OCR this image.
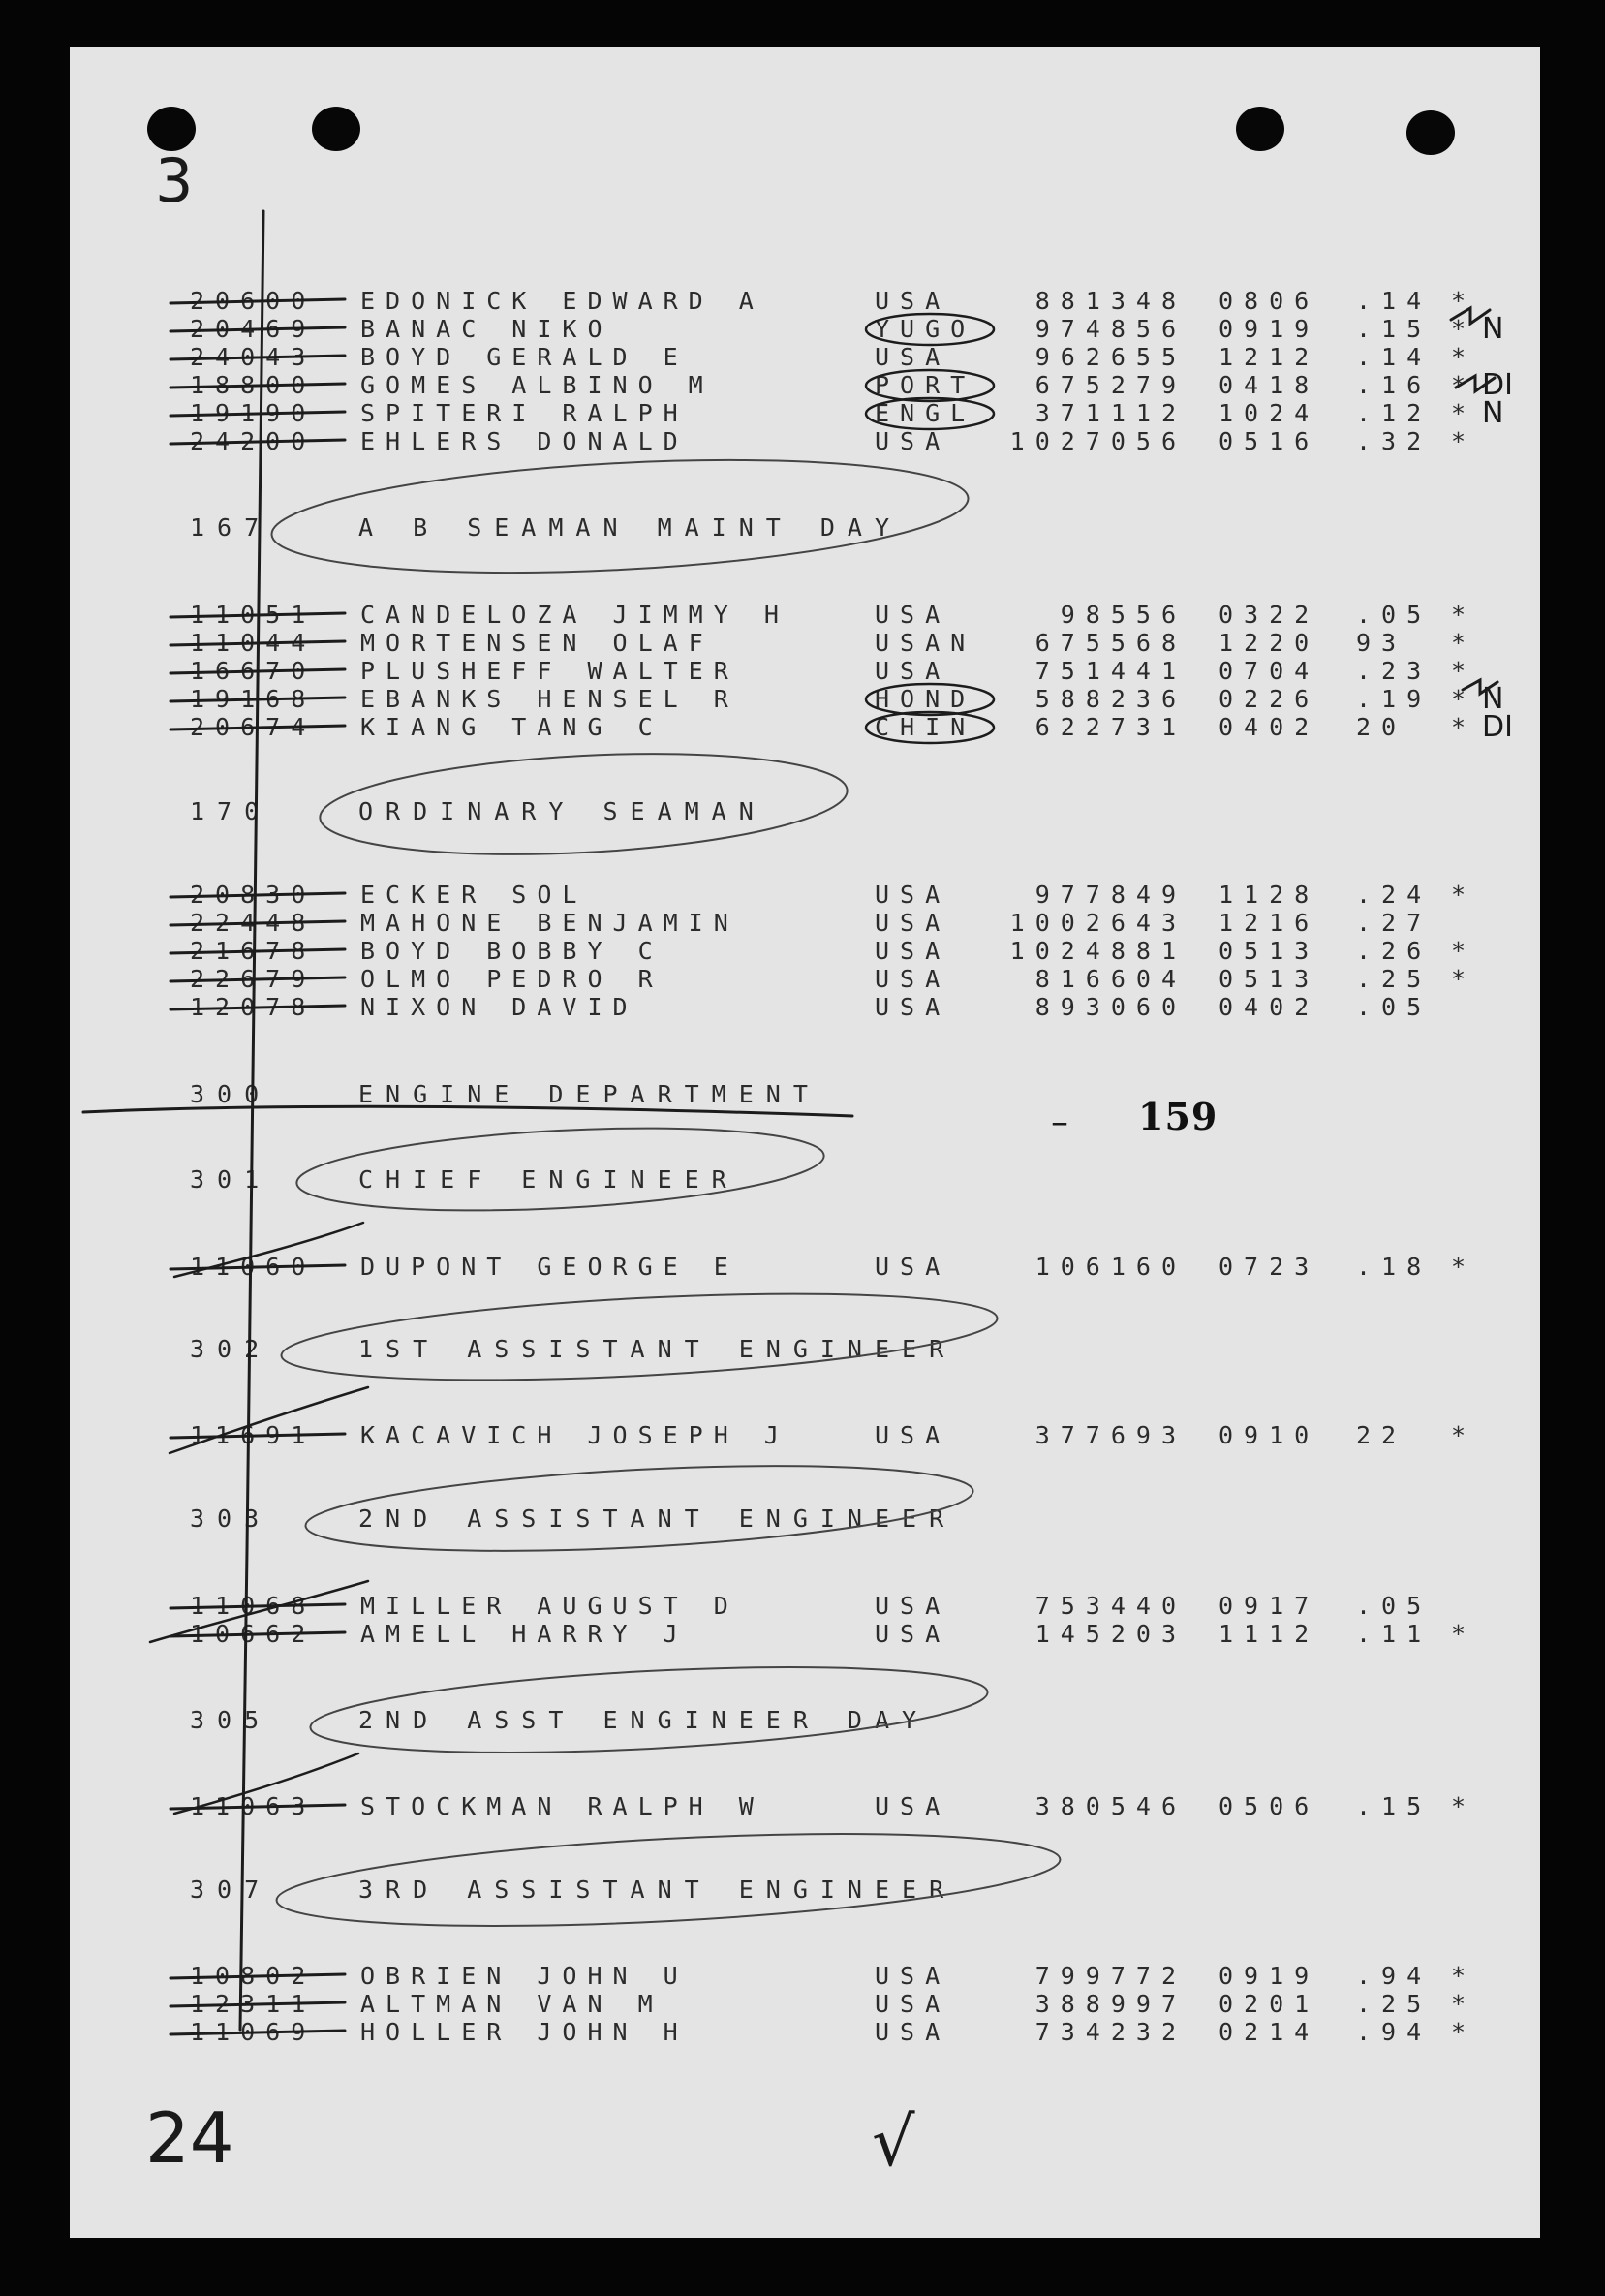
3
20600 EDONICK EDWARD A	USA	881348 0806 .14 *
20469 BANAC NIKO	YUGO	974856 0919 .15 * N
24043 BOYD GERALD E	USA	962655 1212 .14 *
18800 GOMES ALBINO M	PORT	675279 0418 .16 * DI
19190 SPITERI RALPH	ENGL	371112 1024 .12 * N
24200 EHLERS DONALD	USA	1027056 0516 .32 *
167	A B SEAMAN MAINT DAY
11051 CANDELOZA JIMMY H	USA	98556 0322 .05 *
11044 MORTENSEN OLAF	USAN	675568 1220 93 *
16670 PLUSHEFF WALTER	USA	751441 0704 .23 *
19168 EBANKS HENSEL R	HOND	588236 0226 .19 * N
20674 KIANG TANG C	CHIN	622731 0402 20 * DI
170	ORDINARY SEAMAN
20830 ECKER SOL	USA	977849 1128 .24 *
22448 MAHONE BENJAMIN	USA	1002643 1216 .27
21678 BOYD BOBBY C	USA	1024881 0513 .26 *
22679 OLMO PEDRO R	USA	816604 0513 .25 *
12078 NIXON DAVID	USA	893060 0402 .05
300	ENGINE DEPARTMENT
301	CHIEF ENGINEER
11060 DUPONT GEORGE E	USA	106160 0723 .18 *
302	1ST ASSISTANT ENGINEER
11691 KACAVICH JOSEPH J	USA	377693 0910 22 *
303	2ND ASSISTANT ENGINEER
11068 MILLER AUGUST D	USA	753440 0917 .05
10662 AMELL HARRY J	USA	145203 1112 .11 *
305	2ND ASST ENGINEER DAY
11063 STOCKMAN RALPH W	USA	380546 0506 .15 *
307	3RD ASSISTANT ENGINEER
10802 OBRIEN JOHN U	USA	799772 0919 .94 *
12311 ALTMAN VAN M	USA	388997 0201 .25 *
11069 HOLLER JOHN H	USA	734232 0214 .94 *
159
–
24	√
